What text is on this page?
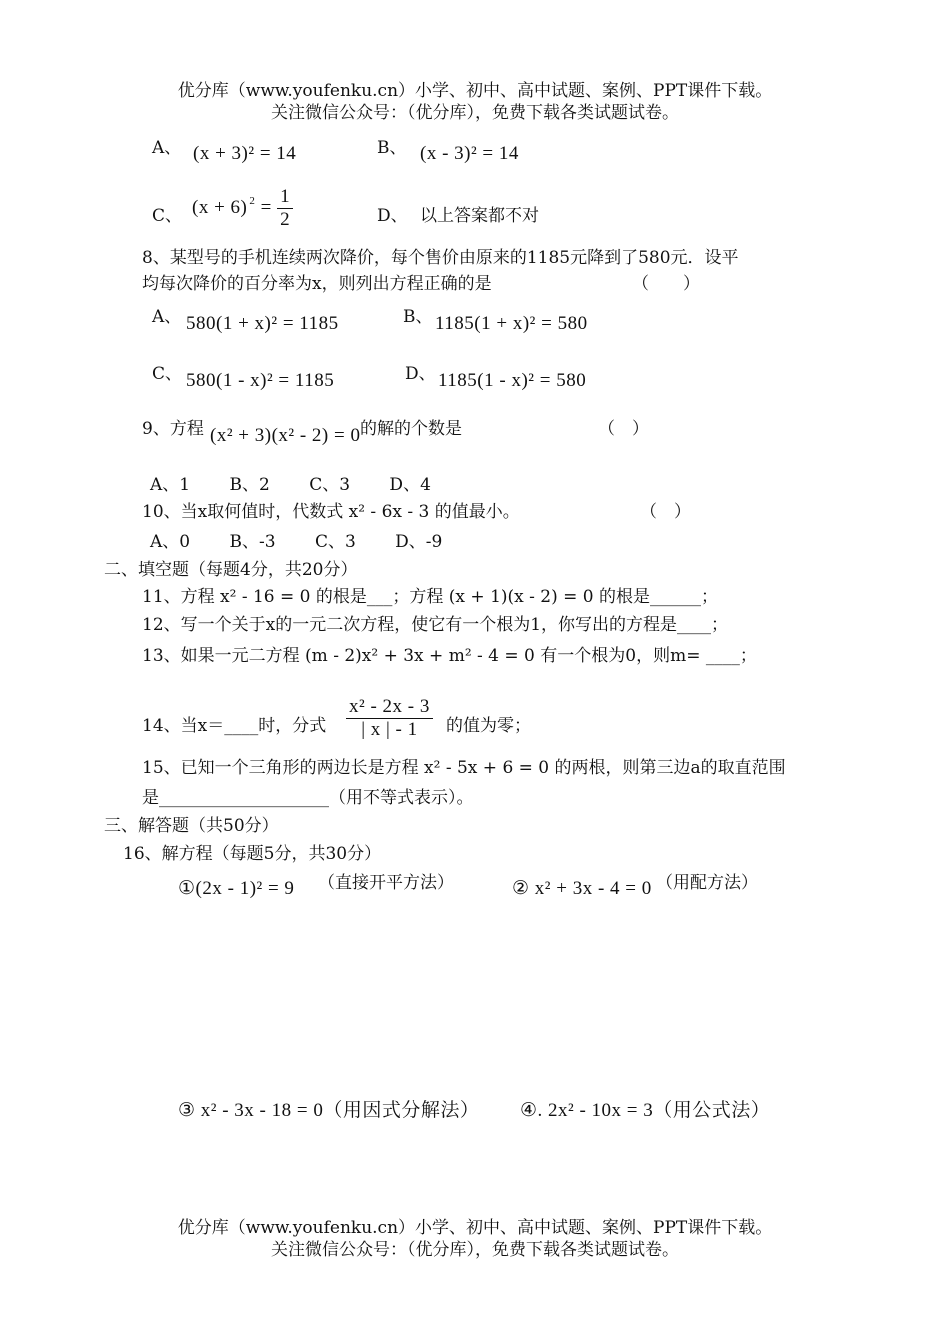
优分库（www.youfenku.cn）小学、初中、高中试题、案例、PPT课件下载。
关注微信公众号：（优分库），免费下载各类试题试卷。
A、 (x + 3)² = 14	B、 (x - 3)² = 14
C、 (x + 6) $^2 = \frac{1}{2}$	D、 以上答案都不对
8、某型号的手机连续两次降价，每个售价由原来的1185元降到了580元．设平
均每次降价的百分率为x，则列出方程正确的是	（　　）
A、 580(1 + x)² = 1185	B、 1185(1 + x)² = 580
C、 580(1 - x)² = 1185	D、 1185(1 - x)² = 580
9、方程 (x² + 3)(x² - 2) = 0 的解的个数是	（　）
A、1　　 B、2　　 C、3　　 D、4
10、当x取何值时，代数式 x² - 6x - 3 的值最小。	（　）
A、0　　 B、-3　　 C、3　　 D、-9
二、填空题（每题4分，共20分）
11、方程 x² - 16 = 0 的根是___；方程 (x + 1)(x - 2) = 0 的根是______；
12、写一个关于x的一元二次方程，使它有一个根为1，你写出的方程是____；
13、如果一元二方程 (m - 2)x² + 3x + m² - 4 = 0 有一个根为0，则m= ____；
14、当x＝____时，分式 $\frac{\text{x² - 2x - 3}}{| x | - 1}$ 的值为零；
15、已知一个三角形的两边长是方程 x² - 5x + 6 = 0 的两根，则第三边a的取直范围
是____________________（用不等式表示）。
三、解答题（共50分）
16、解方程（每题5分，共30分）
①(2x - 1)² = 9 （直接开平方法）	② x² + 3x - 4 = 0 （用配方法）
③ x² - 3x - 18 = 0（用因式分解法） ④. 2x² - 10x = 3（用公式法）
优分库（www.youfenku.cn）小学、初中、高中试题、案例、PPT课件下载。
关注微信公众号：（优分库），免费下载各类试题试卷。
